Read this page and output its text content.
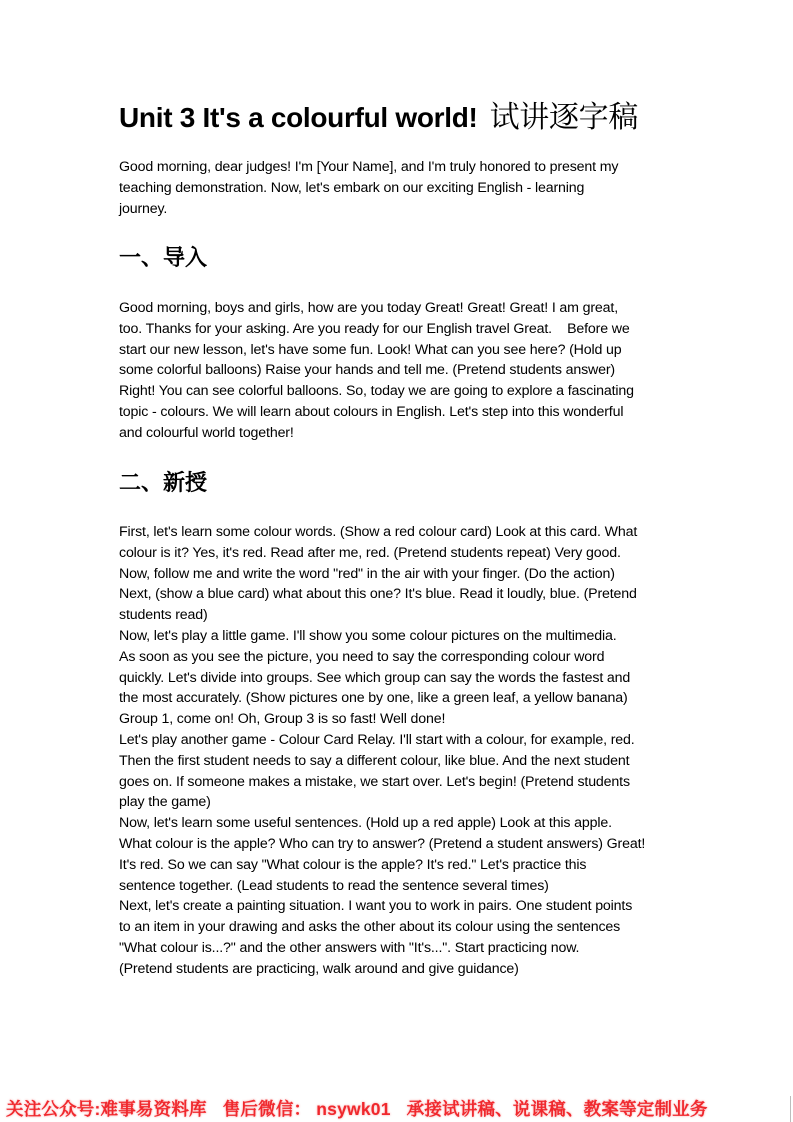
Unit 3 It's a colourful world! 试讲逐字稿

Good morning, dear judges! I'm [Your Name], and I'm truly honored to present my
teaching demonstration. Now, let's embark on our exciting English - learning
journey.

一、导入

Good morning, boys and girls, how are you today Great! Great! Great! I am great,
too. Thanks for your asking. Are you ready for our English travel Great.    Before we
start our new lesson, let's have some fun. Look! What can you see here? (Hold up
some colorful balloons) Raise your hands and tell me. (Pretend students answer)
Right! You can see colorful balloons. So, today we are going to explore a fascinating
topic - colours. We will learn about colours in English. Let's step into this wonderful
and colourful world together!

二、新授

First, let's learn some colour words. (Show a red colour card) Look at this card. What
colour is it? Yes, it's red. Read after me, red. (Pretend students repeat) Very good.
Now, follow me and write the word "red" in the air with your finger. (Do the action)
Next, (show a blue card) what about this one? It's blue. Read it loudly, blue. (Pretend
students read)

Now, let's play a little game. I'll show you some colour pictures on the multimedia.
As soon as you see the picture, you need to say the corresponding colour word
quickly. Let's divide into groups. See which group can say the words the fastest and
the most accurately. (Show pictures one by one, like a green leaf, a yellow banana)
Group 1, come on! Oh, Group 3 is so fast! Well done!

Let's play another game - Colour Card Relay. I'll start with a colour, for example, red.
Then the first student needs to say a different colour, like blue. And the next student
goes on. If someone makes a mistake, we start over. Let's begin! (Pretend students
play the game)

Now, let's learn some useful sentences. (Hold up a red apple) Look at this apple.
What colour is the apple? Who can try to answer? (Pretend a student answers) Great!
It's red. So we can say "What colour is the apple? It's red." Let's practice this
sentence together. (Lead students to read the sentence several times)

Next, let's create a painting situation. I want you to work in pairs. One student points
to an item in your drawing and asks the other about its colour using the sentences
"What colour is...?" and the other answers with "It's...". Start practicing now.
(Pretend students are practicing, walk around and give guidance)

关注公众号:难事易资料库 售后微信： nsywk01 承接试讲稿、说课稿、教案等定制业务
